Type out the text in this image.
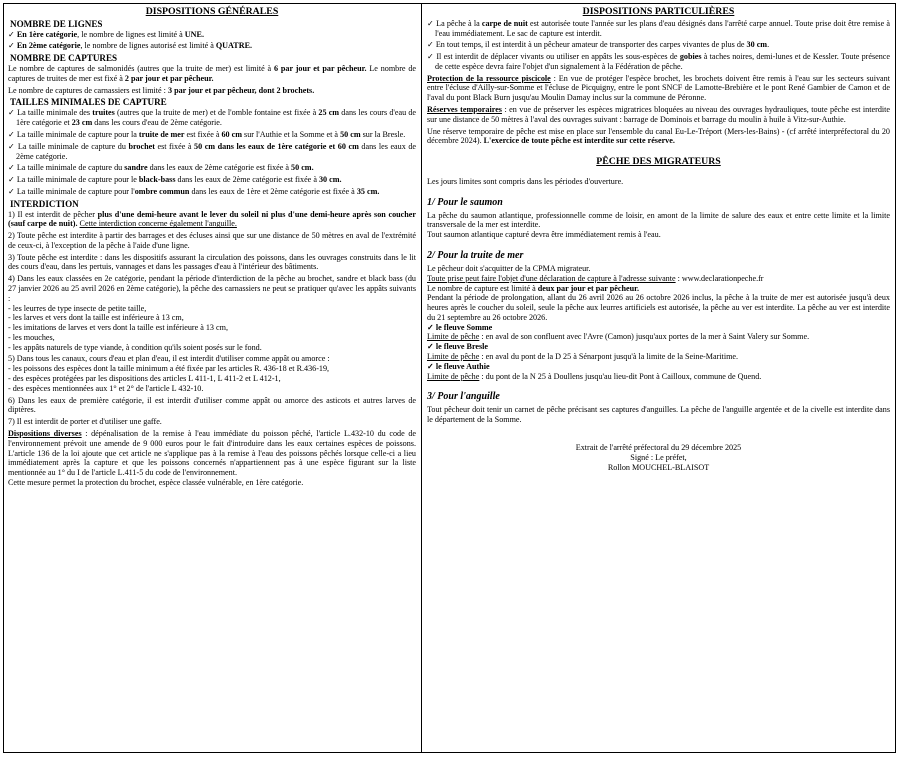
DISPOSITIONS GÉNÉRALES
NOMBRE DE LIGNES

✓ En 1ère catégorie, le nombre de lignes est limité à UNE.

✓ En 2ème catégorie, le nombre de lignes autorisé est limité à QUATRE.

NOMBRE DE CAPTURES

Le nombre de captures de salmonidés (autres que la truite de mer) est limité à 6 par jour et par pêcheur. Le nombre de captures de truites de mer est fixé à 2 par jour et par pêcheur.

Le nombre de captures de carnassiers est limité : 3 par jour et par pêcheur, dont 2 brochets.

TAILLES MINIMALES DE CAPTURE

✓ La taille minimale des truites (autres que la truite de mer) et de l'omble fontaine est fixée à 25 cm dans les cours d'eau de 1ère catégorie et 23 cm dans les cours d'eau de 2ème catégorie.

✓ La taille minimale de capture pour la truite de mer est fixée à 60 cm sur l'Authie et la Somme et à 50 cm sur la Bresle.

✓ La taille minimale de capture du brochet est fixée à 50 cm dans les eaux de 1ère catégorie et 60 cm dans les eaux de 2ème catégorie.

✓ La taille minimale de capture du sandre dans les eaux de 2ème catégorie est fixée à 50 cm.

✓ La taille minimale de capture pour le black-bass dans les eaux de 2ème catégorie est fixée à 30 cm.

✓ La taille minimale de capture pour l'ombre commun dans les eaux de 1ère et 2ème catégorie est fixée à 35 cm.

INTERDICTION

1) Il est interdit de pêcher plus d'une demi-heure avant le lever du soleil ni plus d'une demi-heure après son coucher (sauf carpe de nuit). Cette interdiction concerne également l'anguille.

2) Toute pêche est interdite à partir des barrages et des écluses ainsi que sur une distance de 50 mètres en aval de l'extrémité de ceux-ci, à l'exception de la pêche à l'aide d'une ligne.

3) Toute pêche est interdite : dans les dispositifs assurant la circulation des poissons, dans les ouvrages construits dans le lit des cours d'eau, dans les pertuis, vannages et dans les passages d'eau à l'intérieur des bâtiments.

4) Dans les eaux classées en 2e catégorie, pendant la période d'interdiction de la pêche au brochet, sandre et black bass (du 27 janvier 2026 au 25 avril 2026 en 2ème catégorie), la pêche des carnassiers ne peut se pratiquer qu'avec les appâts suivants :

- les leurres de type insecte de petite taille,
- les larves et vers dont la taille est inférieure à 13 cm,
- les imitations de larves et vers dont la taille est inférieure à 13 cm,
- les mouches,
- les appâts naturels de type viande, à condition qu'ils soient posés sur le fond.

5) Dans tous les canaux, cours d'eau et plan d'eau, il est interdit d'utiliser comme appât ou amorce :

- les poissons des espèces dont la taille minimum a été fixée par les articles R. 436-18 et R.436-19,
- des espèces protégées par les dispositions des articles L 411-1, L 411-2 et L 412-1,
- des espèces mentionnées aux 1° et 2° de l'article L 432-10.

6) Dans les eaux de première catégorie, il est interdit d'utiliser comme appât ou amorce des asticots et autres larves de diptères.

7) Il est interdit de porter et d'utiliser une gaffe.

Dispositions diverses : dépénalisation de la remise à l'eau immédiate du poisson pêché, l'article L.432-10 du code de l'environnement prévoit une amende de 9 000 euros pour le fait d'introduire dans les eaux certaines espèces de poissons. L'article 136 de la loi ajoute que cet article ne s'applique pas à la remise à l'eau des poissons pêchés lorsque celle-ci a lieu immédiatement après la capture et que les poissons concernés n'appartiennent pas à une espèce figurant sur la liste mentionnée au 1° du I de l'article L.411-5 du code de l'environnement.

Cette mesure permet la protection du brochet, espèce classée vulnérable, en 1ère catégorie.

DISPOSITIONS PARTICULIÈRES

✓ La pêche à la carpe de nuit est autorisée toute l'année sur les plans d'eau désignés dans l'arrêté carpe annuel. Toute prise doit être remise à l'eau immédiatement. Le sac de capture est interdit.

✓ En tout temps, il est interdit à un pêcheur amateur de transporter des carpes vivantes de plus de 30 cm.

✓ Il est interdit de déplacer vivants ou utiliser en appâts les sous-espèces de gobies à taches noires, demi-lunes et de Kessler. Toute présence de cette espèce devra faire l'objet d'un signalement à la Fédération de pêche.

Protection de la ressource piscicole : En vue de protéger l'espèce brochet, les brochets doivent être remis à l'eau sur les secteurs suivant entre l'écluse d'Ailly-sur-Somme et l'écluse de Picquigny, entre le pont SNCF de Lamotte-Brebière et le pont René Gambier de Camon et de l'aval du pont Black Burn jusqu'au Moulin Damay inclus sur la commune de Péronne.

Réserves temporaires : en vue de préserver les espèces migratrices bloquées au niveau des ouvrages hydrauliques, toute pêche est interdite sur une distance de 50 mètres à l'aval des ouvrages suivant : barrage de Dominois et barrage du moulin à huile à Vitz-sur-Authie.

Une réserve temporaire de pêche est mise en place sur l'ensemble du canal Eu-Le-Tréport (Mers-les-Bains) - (cf arrêté interpréfectoral du 20 décembre 2024). L'exercice de toute pêche est interdite sur cette réserve.

PÊCHE DES MIGRATEURS

Les jours limites sont compris dans les périodes d'ouverture.

1/ Pour le saumon

La pêche du saumon atlantique, professionnelle comme de loisir, en amont de la limite de salure des eaux et entre cette limite et la limite transversale de la mer est interdite.

Tout saumon atlantique capturé devra être immédiatement remis à l'eau.

2/ Pour la truite de mer

Le pêcheur doit s'acquitter de la CPMA migrateur.

Toute prise peut faire l'objet d'une déclaration de capture à l'adresse suivante : www.declarationpeche.fr

Le nombre de capture est limité à deux par jour et par pêcheur.

Pendant la période de prolongation, allant du 26 avril 2026 au 26 octobre 2026 inclus, la pêche à la truite de mer est autorisée jusqu'à deux heures après le coucher du soleil, seule la pêche aux leurres artificiels est autorisée, la pêche au ver est interdite. La pêche au ver est interdite du 21 septembre au 26 octobre 2026.

✓ le fleuve Somme

Limite de pêche : en aval de son confluent avec l'Avre (Camon) jusqu'aux portes de la mer à Saint Valery sur Somme.

✓ le fleuve Bresle

Limite de pêche : en aval du pont de la D 25 à Sénarpont jusqu'à la limite de la Seine-Maritime.

✓ le fleuve Authie

Limite de pêche : du pont de la N 25 à Doullens jusqu'au lieu-dit Pont à Cailloux, commune de Quend.

3/ Pour l'anguille

Tout pêcheur doit tenir un carnet de pêche précisant ses captures d'anguilles. La pêche de l'anguille argentée et de la civelle est interdite dans le département de la Somme.

Extrait de l'arrêté préfectoral du 29 décembre 2025
Signé : Le préfet,
Rollon MOUCHEL-BLAISOT
